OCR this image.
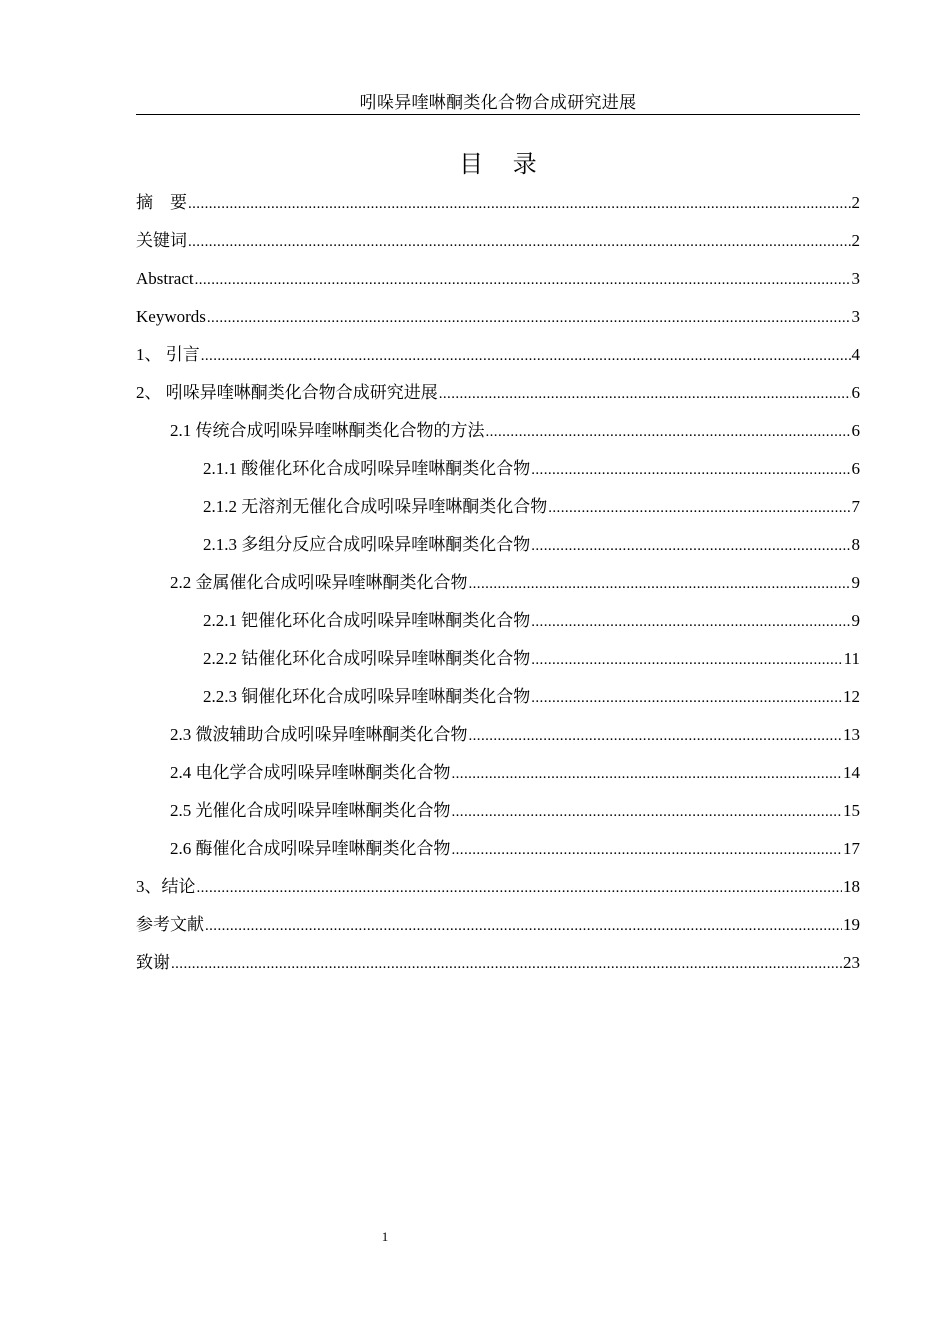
吲哚异喹啉酮类化合物合成研究进展
目 录
摘　要 .....	2
关键词 .....	2
Abstract .....	3
Keywords .....	3
1、 引言 .....	4
2、 吲哚异喹啉酮类化合物合成研究进展 .....	6
2.1 传统合成吲哚异喹啉酮类化合物的方法 .....	6
2.1.1 酸催化环化合成吲哚异喹啉酮类化合物 .....	6
2.1.2 无溶剂无催化合成吲哚异喹啉酮类化合物 .....	7
2.1.3 多组分反应合成吲哚异喹啉酮类化合物 .....	8
2.2 金属催化合成吲哚异喹啉酮类化合物 .....	9
2.2.1 钯催化环化合成吲哚异喹啉酮类化合物 .....	9
2.2.2 钴催化环化合成吲哚异喹啉酮类化合物 .....	11
2.2.3 铜催化环化合成吲哚异喹啉酮类化合物 .....	12
2.3 微波辅助合成吲哚异喹啉酮类化合物 .....	13
2.4 电化学合成吲哚异喹啉酮类化合物 .....	14
2.5 光催化合成吲哚异喹啉酮类化合物 .....	15
2.6 酶催化合成吲哚异喹啉酮类化合物 .....	17
3、结论 .....	18
参考文献 .....	19
致谢 .....	23
1
